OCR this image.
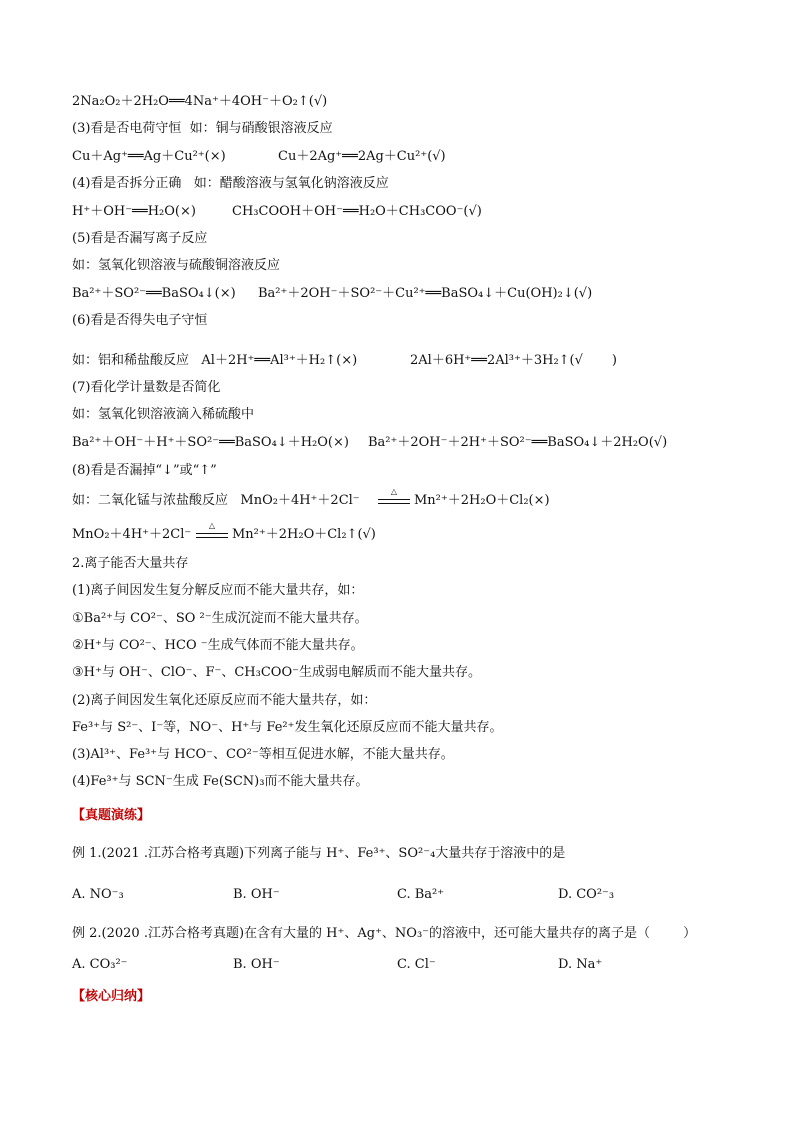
2Na₂O₂＋2H₂O══4Na⁺＋4OH⁻＋O₂↑(√)
(3)看是否电荷守恒  如：铜与硝酸银溶液反应
Cu＋Ag⁺══Ag＋Cu²⁺(×)	Cu＋2Ag⁺══2Ag＋Cu²⁺(√)
(4)看是否拆分正确   如：醋酸溶液与氢氧化钠溶液反应
H⁺＋OH⁻══H₂O(×)	CH₃COOH＋OH⁻══H₂O＋CH₃COO⁻(√)
(5)看是否漏写离子反应
如：氢氧化钡溶液与硫酸铜溶液反应
Ba²⁺＋SO²⁻══BaSO₄↓(×) Ba²⁺＋2OH⁻＋SO²⁻＋Cu²⁺══BaSO₄↓＋Cu(OH)₂↓(√)
(6)看是否得失电子守恒
如：铝和稀盐酸反应   Al＋2H⁺══Al³⁺＋H₂↑(×)	2Al＋6H⁺══2Al³⁺＋3H₂↑(√       )
(7)看化学计量数是否简化
如：氢氧化钡溶液滴入稀硫酸中
Ba²⁺＋OH⁻＋H⁺＋SO²⁻══BaSO₄↓＋H₂O(×) Ba²⁺＋2OH⁻＋2H⁺＋SO²⁻══BaSO₄↓＋2H₂O(√)
(8)看是否漏掉“↓”或“↑”
如：二氧化锰与浓盐酸反应   MnO₂＋4H⁺＋2Cl⁻
△
Mn²⁺＋2H₂O＋Cl₂(×)
MnO₂＋4H⁺＋2Cl⁻
△
Mn²⁺＋2H₂O＋Cl₂↑(√)
2.离子能否大量共存
(1)离子间因发生复分解反应而不能大量共存，如：
①Ba²⁺与 CO²⁻、SO ²⁻生成沉淀而不能大量共存。
②H⁺与 CO²⁻、HCO ⁻生成气体而不能大量共存。
③H⁺与 OH⁻、ClO⁻、F⁻、CH₃COO⁻生成弱电解质而不能大量共存。
(2)离子间因发生氧化还原反应而不能大量共存，如：
Fe³⁺与 S²⁻、I⁻等，NO⁻、H⁺与 Fe²⁺发生氧化还原反应而不能大量共存。
(3)Al³⁺、Fe³⁺与 HCO⁻、CO²⁻等相互促进水解，不能大量共存。
(4)Fe³⁺与 SCN⁻生成 Fe(SCN)₃而不能大量共存。
【真题演练】
例 1.(2021 .江苏合格考真题)下列离子能与 H⁺、Fe³⁺、SO²⁻₄大量共存于溶液中的是
A. NO⁻₃	B. OH⁻	C. Ba²⁺	D. CO²⁻₃
例 2.(2020 .江苏合格考真题)在含有大量的 H⁺、Ag⁺、NO₃⁻的溶液中，还可能大量共存的离子是（        ）
A. CO₃²⁻	B. OH⁻	C. Cl⁻	D. Na⁺
【核心归纳】
